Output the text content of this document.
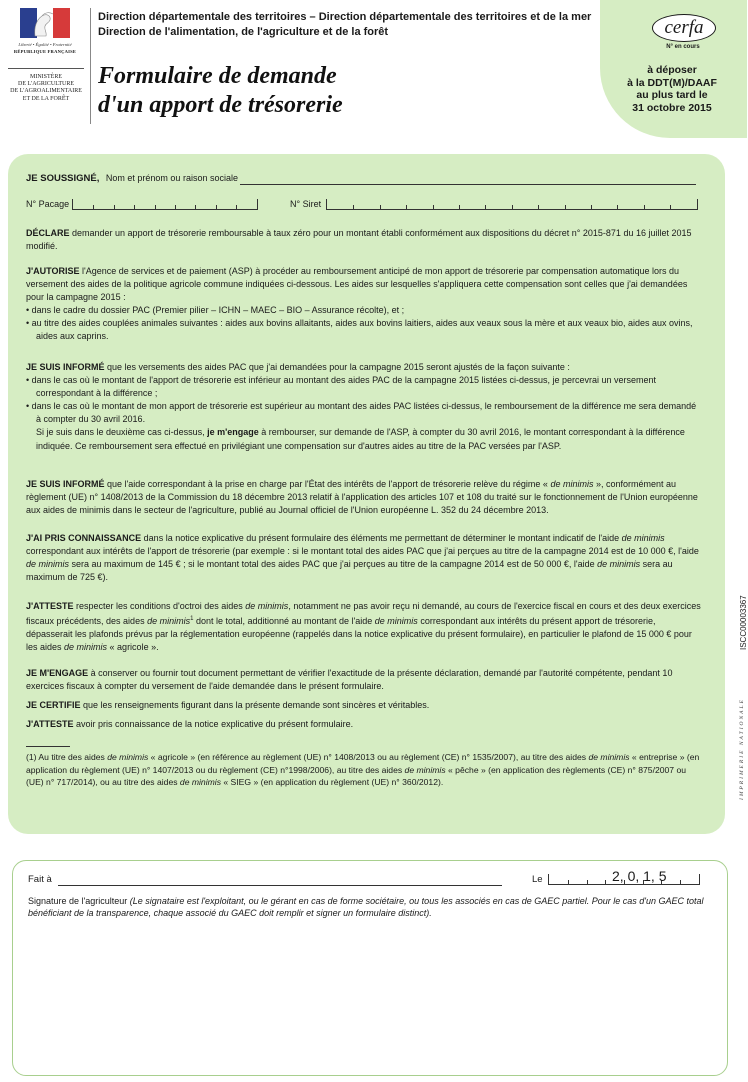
Liberté • Égalité • Fraternité
RÉPUBLIQUE FRANÇAISE
MINISTÈRE
DE L'AGRICULTURE
DE L'AGROALIMENTAIRE
ET DE LA FORÊT
Direction départementale des territoires – Direction départementale des territoires et de la mer
Direction de l'alimentation, de l'agriculture et de la forêt
Formulaire de demande
d'un apport de trésorerie
cerfa
N° en cours
à déposer
à la DDT(M)/DAAF
au plus tard le
31 octobre 2015
JE SOUSSIGNÉ, Nom et prénom ou raison sociale
N° Pacage	N° Siret
DÉCLARE demander un apport de trésorerie remboursable à taux zéro pour un montant établi conformément aux dispositions du décret n° 2015-871 du 16 juillet 2015 modifié.
J'AUTORISE l'Agence de services et de paiement (ASP) à procéder au remboursement anticipé de mon apport de trésorerie par compensation automatique lors du versement des aides de la politique agricole commune indiquées ci-dessous. Les aides sur lesquelles s'appliquera cette compensation sont celles que j'ai demandées pour la campagne 2015 :
• dans le cadre du dossier PAC (Premier pilier – ICHN – MAEC – BIO – Assurance récolte), et ;
• au titre des aides couplées animales suivantes : aides aux bovins allaitants, aides aux bovins laitiers, aides aux veaux sous la mère et aux veaux bio, aides aux ovins, aides aux caprins.
JE SUIS INFORMÉ que les versements des aides PAC que j'ai demandées pour la campagne 2015 seront ajustés de la façon suivante :
• dans le cas où le montant de l'apport de trésorerie est inférieur au montant des aides PAC de la campagne 2015 listées ci-dessus, je percevrai un versement correspondant à la différence ;
• dans le cas où le montant de mon apport de trésorerie est supérieur au montant des aides PAC listées ci-dessus, le remboursement de la différence me sera demandé à compter du 30 avril 2016.
Si je suis dans le deuxième cas ci-dessus, je m'engage à rembourser, sur demande de l'ASP, à compter du 30 avril 2016, le montant correspondant à la différence indiquée. Ce remboursement sera effectué en privilégiant une compensation sur d'autres aides au titre de la PAC versées par l'ASP.
JE SUIS INFORMÉ que l'aide correspondant à la prise en charge par l'État des intérêts de l'apport de trésorerie relève du régime « de minimis », conformément au règlement (UE) n° 1408/2013 de la Commission du 18 décembre 2013 relatif à l'application des articles 107 et 108 du traité sur le fonctionnement de l'Union européenne aux aides de minimis dans le secteur de l'agriculture, publié au Journal officiel de l'Union européenne L. 352 du 24 décembre 2013.
J'AI PRIS CONNAISSANCE dans la notice explicative du présent formulaire des éléments me permettant de déterminer le montant indicatif de l'aide de minimis correspondant aux intérêts de l'apport de trésorerie (par exemple : si le montant total des aides PAC que j'ai perçues au titre de la campagne 2014 est de 10 000 €, l'aide de minimis sera au maximum de 145 € ; si le montant total des aides PAC que j'ai perçues au titre de la campagne 2014 est de 50 000 €, l'aide de minimis sera au maximum de 725 €).
J'ATTESTE respecter les conditions d'octroi des aides de minimis, notamment ne pas avoir reçu ni demandé, au cours de l'exercice fiscal en cours et des deux exercices fiscaux précédents, des aides de minimis$^1$ dont le total, additionné au montant de l'aide de minimis correspondant aux intérêts du présent apport de trésorerie, dépasserait les plafonds prévus par la réglementation européenne (rappelés dans la notice explicative du présent formulaire), en particulier le plafond de 15 000 € pour les aides de minimis « agricole ».
JE M'ENGAGE à conserver ou fournir tout document permettant de vérifier l'exactitude de la présente déclaration, demandé par l'autorité compétente, pendant 10 exercices fiscaux à compter du versement de l'aide demandée dans le présent formulaire.
JE CERTIFIE que les renseignements figurant dans la présente demande sont sincères et véritables.
J'ATTESTE avoir pris connaissance de la notice explicative du présent formulaire.
(1) Au titre des aides de minimis « agricole » (en référence au règlement (UE) n° 1408/2013 ou au règlement (CE) n° 1535/2007), au titre des aides de minimis « entreprise » (en application du règlement (UE) n° 1407/2013 ou du règlement (CE) n°1998/2006), au titre des aides de minimis « pêche » (en application des règlements (CE) n° 875/2007 ou (UE) n° 717/2014), ou au titre des aides de minimis « SIEG » (en application du règlement (UE) n° 360/2012).
ISCC00003367
IMPRIMERIE NATIONALE
Fait à	Le	2, 0, 1, 5
Signature de l'agriculteur (Le signataire est l'exploitant, ou le gérant en cas de forme sociétaire, ou tous les associés en cas de GAEC partiel. Pour le cas d'un GAEC total bénéficiant de la transparence, chaque associé du GAEC doit remplir et signer un formulaire distinct).
